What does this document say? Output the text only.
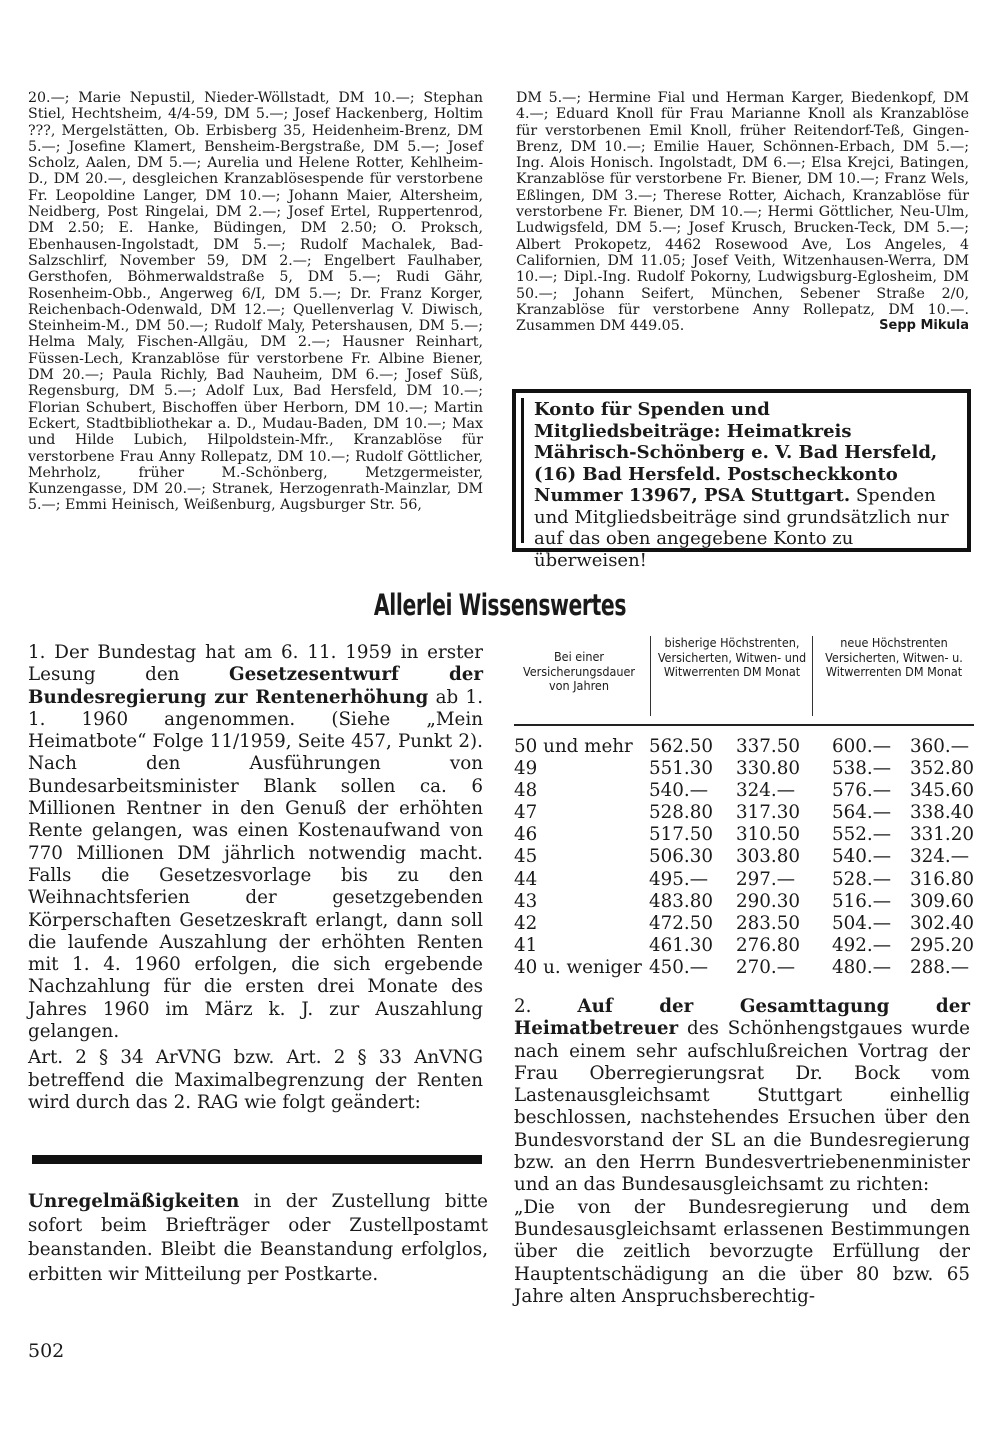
20.—; Marie Nepustil, Nieder-Wöllstadt, DM 10.—; Stephan Stiel, Hechtsheim, 4/4-59, DM 5.—; Josef Hackenberg, Holtim ???, Mergelstätten, Ob. Erbisberg 35, Heidenheim-Brenz, DM 5.—; Josefine Klamert, Bensheim-Bergstraße, DM 5.—; Josef Scholz, Aalen, DM 5.—; Aurelia und Helene Rotter, Kehlheim-D., DM 20.—, desgleichen Kranzablösespende für verstorbene Fr. Leopoldine Langer, DM 10.—; Johann Maier, Altersheim, Neidberg, Post Ringelai, DM 2.—; Josef Ertel, Ruppertenrod, DM 2.50; E. Hanke, Büdingen, DM 2.50; O. Proksch, Ebenhausen-Ingolstadt, DM 5.—; Rudolf Machalek, Bad-Salzschlirf, November 59, DM 2.—; Engelbert Faulhaber, Gersthofen, Böhmerwaldstraße 5, DM 5.—; Rudi Gähr, Rosenheim-Obb., Angerweg 6/I, DM 5.—; Dr. Franz Korger, Reichenbach-Odenwald, DM 12.—; Quellenverlag V. Diwisch, Steinheim-M., DM 50.—; Rudolf Maly, Petershausen, DM 5.—; Helma Maly, Fischen-Allgäu, DM 2.—; Hausner Reinhart, Füssen-Lech, Kranzablöse für verstorbene Fr. Albine Biener, DM 20.—; Paula Richly, Bad Nauheim, DM 6.—; Josef Süß, Regensburg, DM 5.—; Adolf Lux, Bad Hersfeld, DM 10.—; Florian Schubert, Bischoffen über Herborn, DM 10.—; Martin Eckert, Stadtbibliothekar a. D., Mudau-Baden, DM 10.—; Max und Hilde Lubich, Hilpoldstein-Mfr., Kranzablöse für verstorbene Frau Anny Rollepatz, DM 10.—; Rudolf Göttlicher, Mehrholz, früher M.-Schönberg, Metzgermeister, Kunzengasse, DM 20.—; Stranek, Herzogenrath-Mainzlar, DM 5.—; Emmi Heinisch, Weißenburg, Augsburger Str. 56,
DM 5.—; Hermine Fial und Herman Karger, Biedenkopf, DM 4.—; Eduard Knoll für Frau Marianne Knoll als Kranzablöse für verstorbenen Emil Knoll, früher Reitendorf-Teß, Gingen-Brenz, DM 10.—; Emilie Hauer, Schönnen-Erbach, DM 5.—; Ing. Alois Honisch. Ingolstadt, DM 6.—; Elsa Krejci, Batingen, Kranzablöse für verstorbene Fr. Biener, DM 10.—; Franz Wels, Eßlingen, DM 3.—; Therese Rotter, Aichach, Kranzablöse für verstorbene Fr. Biener, DM 10.—; Hermi Göttlicher, Neu-Ulm, Ludwigsfeld, DM 5.—; Josef Krusch, Brucken-Teck, DM 5.—; Albert Prokopetz, 4462 Rosewood Ave, Los Angeles, 4 Californien, DM 11.05; Josef Veith, Witzenhausen-Werra, DM 10.—; Dipl.-Ing. Rudolf Pokorny, Ludwigsburg-Eglosheim, DM 50.—; Johann Seifert, München, Sebener Straße 2/0, Kranzablöse für verstorbene Anny Rollepatz, DM 10.—. Zusammen DM 449.05.	Sepp Mikula
Konto für Spenden und Mitgliedsbeiträge: Heimatkreis Mährisch-Schönberg e. V. Bad Hersfeld, (16) Bad Hersfeld. Postscheckkonto Nummer 13967, PSA Stuttgart. Spenden und Mitgliedsbeiträge sind grundsätzlich nur auf das oben angegebene Konto zu überweisen!
Allerlei Wissenswertes

1. Der Bundestag hat am 6. 11. 1959 in erster Lesung den Gesetzesentwurf der Bundesregierung zur Rentenerhöhung ab 1. 1. 1960 angenommen. (Siehe „Mein Heimatbote“ Folge 11/1959, Seite 457, Punkt 2). Nach den Ausführungen von Bundesarbeitsminister Blank sollen ca. 6 Millionen Rentner in den Genuß der erhöhten Rente gelangen, was einen Kostenaufwand von 770 Millionen DM jährlich notwendig macht. Falls die Gesetzesvorlage bis zu den Weihnachtsferien der gesetzgebenden Körperschaften Gesetzeskraft erlangt, dann soll die laufende Auszahlung der erhöhten Renten mit 1. 4. 1960 erfolgen, die sich ergebende Nachzahlung für die ersten drei Monate des Jahres 1960 im März k. J. zur Auszahlung gelangen.

Art. 2 § 34 ArVNG bzw. Art. 2 § 33 AnVNG betreffend die Maximalbegrenzung der Renten wird durch das 2. RAG wie folgt geändert:

Unregelmäßigkeiten in der Zustellung bitte sofort beim Briefträger oder Zustellpostamt beanstanden. Bleibt die Beanstandung erfolglos, erbitten wir Mitteilung per Postkarte.
502
Bei einer Versicherungsdauer von Jahren
bisherige Höchstrenten, Versicherten, Witwen- und Witwerrenten DM Monat
neue Höchstrenten Versicherten, Witwen- u. Witwerrenten DM Monat
50 und mehr 562.50 337.50 600.— 360.—
49	551.30 330.80 538.— 352.80
48	540.— 324.— 576.— 345.60
47	528.80 317.30 564.— 338.40
46	517.50 310.50 552.— 331.20
45	506.30 303.80 540.— 324.—
44	495.— 297.— 528.— 316.80
43	483.80 290.30 516.— 309.60
42	472.50 283.50 504.— 302.40
41	461.30 276.80 492.— 295.20
40 u. weniger 450.— 270.— 480.— 288.—

2. Auf der Gesamttagung der Heimatbetreuer des Schönhengstgaues wurde nach einem sehr aufschlußreichen Vortrag der Frau Oberregierungsrat Dr. Bock vom Lastenausgleichsamt Stuttgart einhellig beschlossen, nachstehendes Ersuchen über den Bundesvorstand der SL an die Bundesregierung bzw. an den Herrn Bundesvertriebenenminister und an das Bundesausgleichsamt zu richten:

„Die von der Bundesregierung und dem Bundesausgleichsamt erlassenen Bestimmungen über die zeitlich bevorzugte Erfüllung der Hauptentschädigung an die über 80 bzw. 65 Jahre alten Anspruchsberechtig-
